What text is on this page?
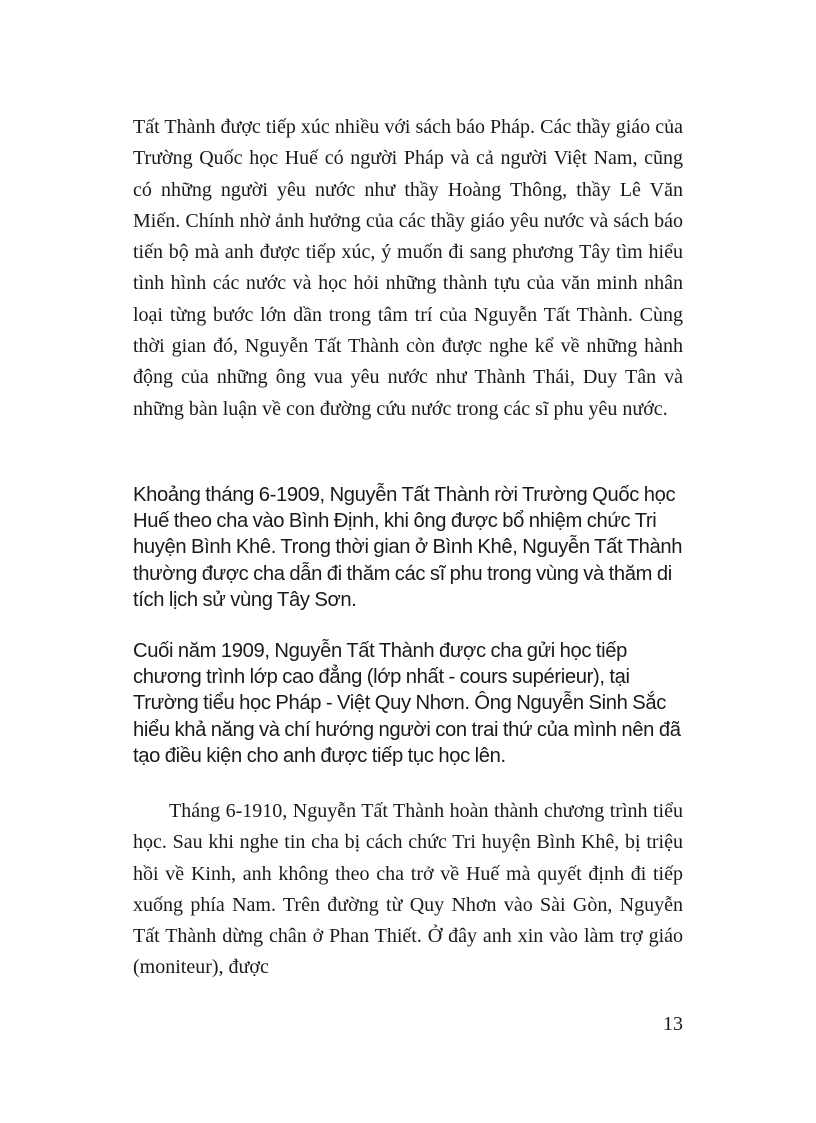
Tất Thành được tiếp xúc nhiều với sách báo Pháp. Các thầy giáo của Trường Quốc học Huế có người Pháp và cả người Việt Nam, cũng có những người yêu nước như thầy Hoàng Thông, thầy Lê Văn Miến. Chính nhờ ảnh hưởng của các thầy giáo yêu nước và sách báo tiến bộ mà anh được tiếp xúc, ý muốn đi sang phương Tây tìm hiểu tình hình các nước và học hỏi những thành tựu của văn minh nhân loại từng bước lớn dần trong tâm trí của Nguyễn Tất Thành. Cùng thời gian đó, Nguyễn Tất Thành còn được nghe kể về những hành động của những ông vua yêu nước như Thành Thái, Duy Tân và những bàn luận về con đường cứu nước trong các sĩ phu yêu nước.

Khoảng tháng 6-1909, Nguyễn Tất Thành rời Trường Quốc học Huế theo cha vào Bình Định, khi ông được bổ nhiệm chức Tri huyện Bình Khê. Trong thời gian ở Bình Khê, Nguyễn Tất Thành thường được cha dẫn đi thăm các sĩ phu trong vùng và thăm di tích lịch sử vùng Tây Sơn.

Cuối năm 1909, Nguyễn Tất Thành được cha gửi học tiếp chương trình lớp cao đẳng (lớp nhất - cours supérieur), tại Trường tiểu học Pháp - Việt Quy Nhơn. Ông Nguyễn Sinh Sắc hiểu khả năng và chí hướng người con trai thứ của mình nên đã tạo điều kiện cho anh được tiếp tục học lên.

Tháng 6-1910, Nguyễn Tất Thành hoàn thành chương trình tiểu học. Sau khi nghe tin cha bị cách chức Tri huyện Bình Khê, bị triệu hồi về Kinh, anh không theo cha trở về Huế mà quyết định đi tiếp xuống phía Nam. Trên đường từ Quy Nhơn vào Sài Gòn, Nguyễn Tất Thành dừng chân ở Phan Thiết. Ở đây anh xin vào làm trợ giáo (moniteur), được

13
